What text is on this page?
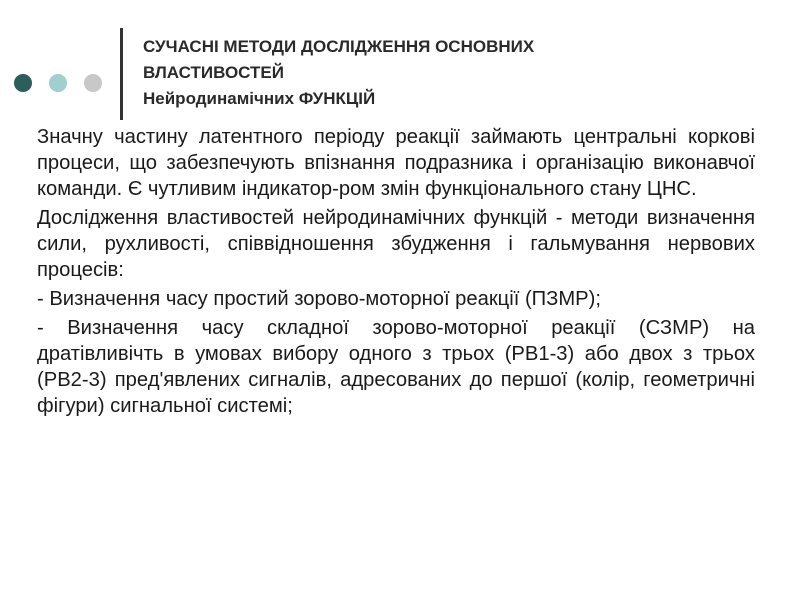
СУЧАСНІ МЕТОДИ ДОСЛІДЖЕННЯ ОСНОВНИХ
ВЛАСТИВОСТЕЙ
Нейродинамічних ФУНКЦІЙ

Значну частину латентного періоду реакції займають центральні коркові процеси, що забезпечують впізнання подразника і організацію виконавчої команди. Є чутливим індикатор-ром змін функціонального стану ЦНС.

Дослідження властивостей нейродинамічних функцій - методи визначення сили, рухливості, співвідношення збудження і гальмування нервових процесів:

- Визначення часу простий зорово-моторної реакції (ПЗМР);

- Визначення часу складної зорово-моторної реакції (СЗМР) на дратівливічть в умовах вибору одного з трьох (РВ1-3) або двох з трьох (РВ2-3) пред'явлених сигналів, адресованих до першої (колір, геометричні фігури) сигнальної системі;
